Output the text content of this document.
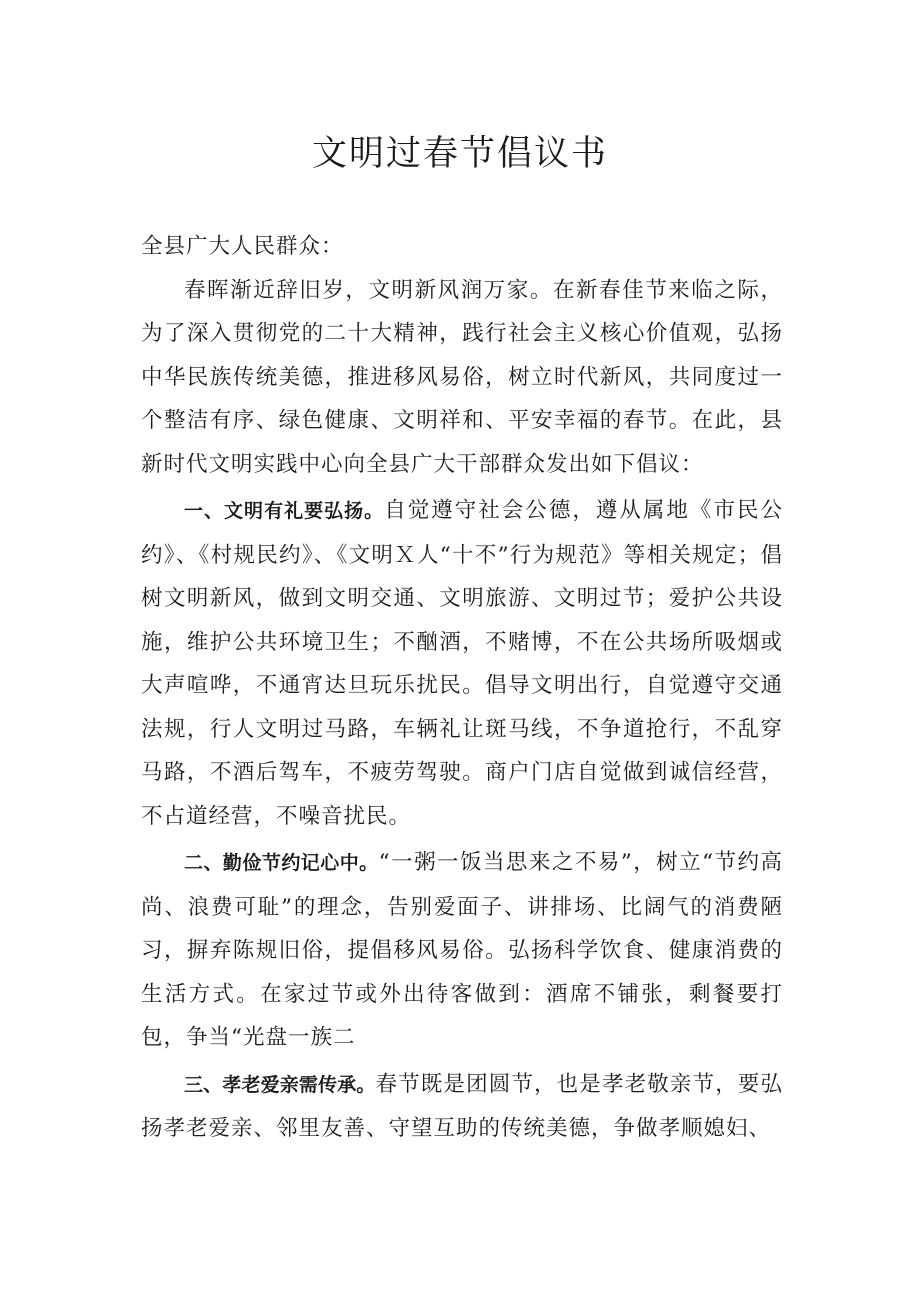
文明过春节倡议书

全县广大人民群众：

春晖渐近辞旧岁，文明新风润万家。在新春佳节来临之际，为了深入贯彻党的二十大精神，践行社会主义核心价值观，弘扬中华民族传统美德，推进移风易俗，树立时代新风，共同度过一个整洁有序、绿色健康、文明祥和、平安幸福的春节。在此，县新时代文明实践中心向全县广大干部群众发出如下倡议：

一、文明有礼要弘扬。自觉遵守社会公德，遵从属地《市民公约》、《村规民约》、《文明Ｘ人“十不”行为规范》等相关规定；倡树文明新风，做到文明交通、文明旅游、文明过节；爱护公共设施，维护公共环境卫生；不酗酒，不赌博，不在公共场所吸烟或大声喧哗，不通宵达旦玩乐扰民。倡导文明出行，自觉遵守交通法规，行人文明过马路，车辆礼让斑马线，不争道抢行，不乱穿马路，不酒后驾车，不疲劳驾驶。商户门店自觉做到诚信经营，不占道经营，不噪音扰民。

二、勤俭节约记心中。“一粥一饭当思来之不易”，树立“节约高尚、浪费可耻”的理念，告别爱面子、讲排场、比阔气的消费陋习，摒弃陈规旧俗，提倡移风易俗。弘扬科学饮食、健康消费的生活方式。在家过节或外出待客做到：酒席不铺张，剩餐要打包，争当“光盘一族二

三、孝老爱亲需传承。春节既是团圆节，也是孝老敬亲节，要弘扬孝老爱亲、邻里友善、守望互助的传统美德，争做孝顺媳妇、
